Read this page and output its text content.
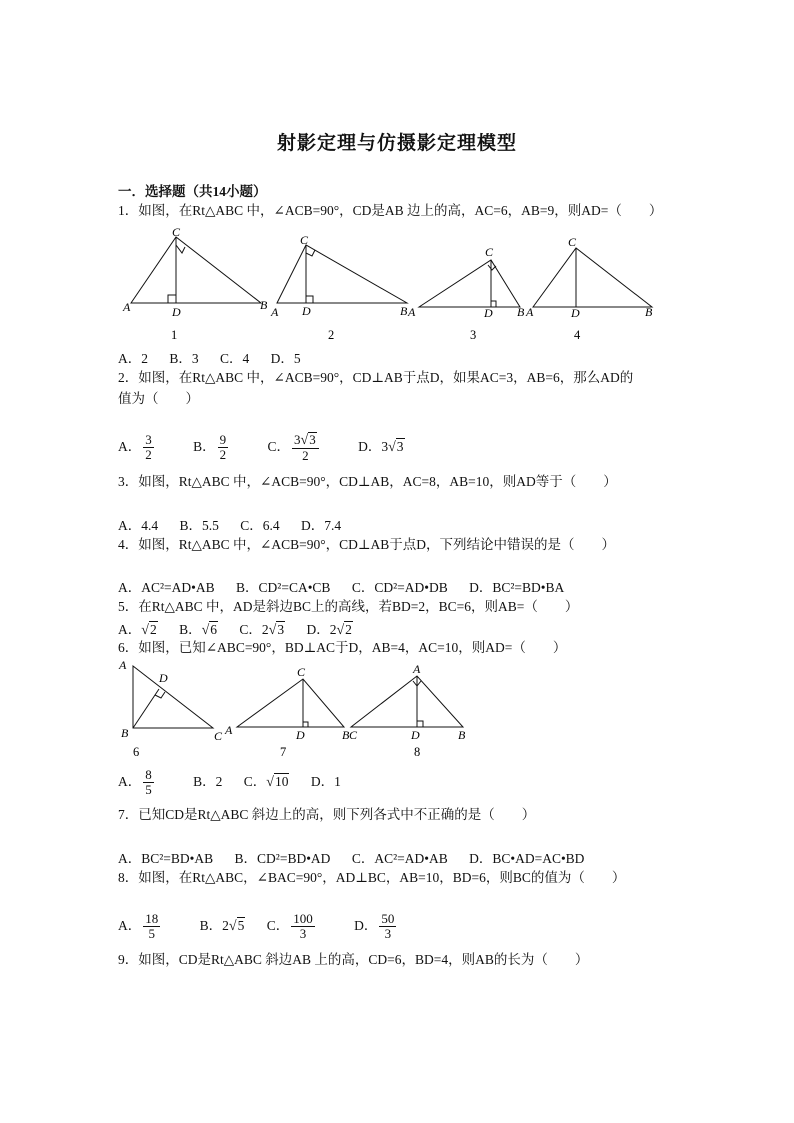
射影定理与仿摄影定理模型
一．选择题（共14小题）
1．如图，在Rt△ABC 中，∠ACB=90°，CD是AB 边上的高，AC=6，AB=9，则AD=（　　）
A
C
D	B
1
C
A D	B
2
C
A	D B
3
C
A	D	B
4
A．2 B．3 C．4 D．5
2．如图，在Rt△ABC 中，∠ACB=90°，CD⊥AB于点D，如果AC=3，AB=6，那么AD的
值为（　　）
A． $\frac{3}{2}$	B． $\frac{9}{2}$	C． $\frac{3√3}{2}$	D．3√3
3．如图，Rt△ABC 中，∠ACB=90°，CD⊥AB，AC=8，AB=10，则AD等于（　　）
A．4.4 B．5.5 C．6.4 D．7.4
4．如图，Rt△ABC 中，∠ACB=90°，CD⊥AB于点D，下列结论中错误的是（　　）
A．AC²=AD•AB B．CD²=CA•CB C．CD²=AD•DB D．BC²=BD•BA
5．在Rt△ABC 中，AD是斜边BC上的高线，若BD=2，BC=6，则AB=（　　）
A．√2 B．√6 C．2√3 D．2√2
6．如图，已知∠ABC=90°，BD⊥AC于D，AB=4，AC=10，则AD=（　　）
A
D
B	C
6
C
A	D	B
7
A
C	D	B
8
A． $\frac{8}{5}$	B．2 C．√10 D．1
7．已知CD是Rt△ABC 斜边上的高，则下列各式中不正确的是（　　）
A．BC²=BD•AB B．CD²=BD•AD C．AC²=AD•AB D．BC•AD=AC•BD
8．如图，在Rt△ABC，∠BAC=90°，AD⊥BC，AB=10，BD=6，则BC的值为（　　）
A． $\frac{18}{5}$	B．2√5 C． $\frac{100}{3}$	D． $\frac{50}{3}$
9．如图，CD是Rt△ABC 斜边AB 上的高，CD=6，BD=4，则AB的长为（　　）
